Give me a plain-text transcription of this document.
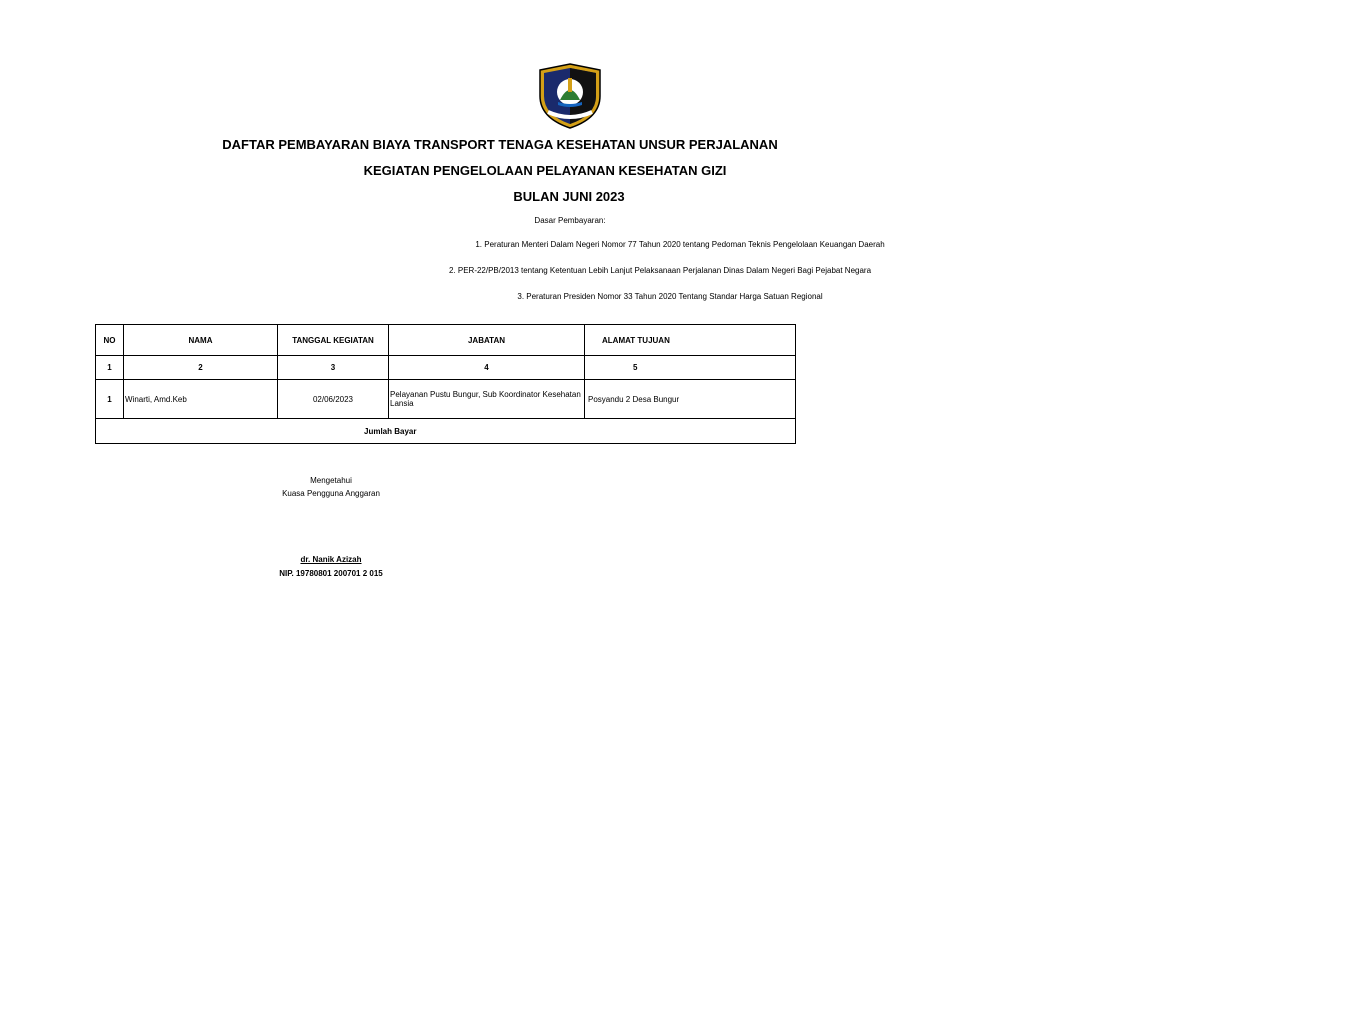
DAFTAR PEMBAYARAN BIAYA TRANSPORT TENAGA KESEHATAN UNSUR PERJALANAN
KEGIATAN PENGELOLAAN PELAYANAN KESEHATAN GIZI
BULAN JUNI 2023
Dasar Pembayaran:
1. Peraturan Menteri Dalam Negeri Nomor 77 Tahun 2020 tentang Pedoman Teknis Pengelolaan Keuangan Daerah
2. PER-22/PB/2013 tentang Ketentuan Lebih Lanjut Pelaksanaan Perjalanan Dinas Dalam Negeri Bagi Pejabat Negara
3. Peraturan Presiden Nomor 33 Tahun 2020 Tentang Standar Harga Satuan Regional
NO	NAMA	TANGGAL KEGIATAN	JABATAN	ALAMAT TUJUAN
1	2	3	4	5
1	Winarti, Amd.Keb	02/06/2023	Pelayanan Pustu Bungur, Sub Koordinator Kesehatan Lansia	Posyandu 2 Desa Bungur
Jumlah Bayar				
Mengetahui
Kuasa Pengguna Anggaran
dr. Nanik Azizah
NIP. 19780801 200701 2 015
